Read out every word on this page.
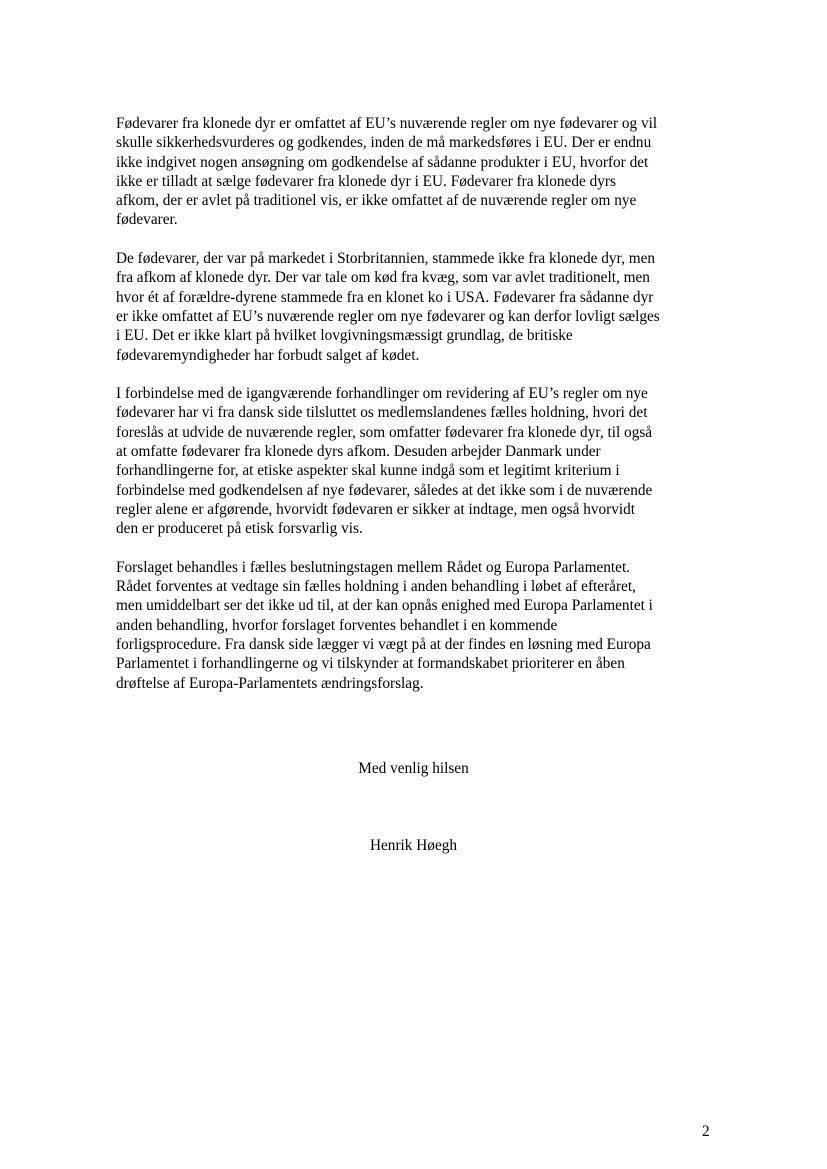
Fødevarer fra klonede dyr er omfattet af EU’s nuværende regler om nye fødevarer og vil
skulle sikkerhedsvurderes og godkendes, inden de må markedsføres i EU. Der er endnu
ikke indgivet nogen ansøgning om godkendelse af sådanne produkter i EU, hvorfor det
ikke er tilladt at sælge fødevarer fra klonede dyr i EU. Fødevarer fra klonede dyrs
afkom, der er avlet på traditionel vis, er ikke omfattet af de nuværende regler om nye
fødevarer.
De fødevarer, der var på markedet i Storbritannien, stammede ikke fra klonede dyr, men
fra afkom af klonede dyr. Der var tale om kød fra kvæg, som var avlet traditionelt, men
hvor ét af forældre-dyrene stammede fra en klonet ko i USA. Fødevarer fra sådanne dyr
er ikke omfattet af EU’s nuværende regler om nye fødevarer og kan derfor lovligt sælges
i EU. Det er ikke klart på hvilket lovgivningsmæssigt grundlag, de britiske
fødevaremyndigheder har forbudt salget af kødet.
I forbindelse med de igangværende forhandlinger om revidering af EU’s regler om nye
fødevarer har vi fra dansk side tilsluttet os medlemslandenes fælles holdning, hvori det
foreslås at udvide de nuværende regler, som omfatter fødevarer fra klonede dyr, til også
at omfatte fødevarer fra klonede dyrs afkom. Desuden arbejder Danmark under
forhandlingerne for, at etiske aspekter skal kunne indgå som et legitimt kriterium i
forbindelse med godkendelsen af nye fødevarer, således at det ikke som i de nuværende
regler alene er afgørende, hvorvidt fødevaren er sikker at indtage, men også hvorvidt
den er produceret på etisk forsvarlig vis.
Forslaget behandles i fælles beslutningstagen mellem Rådet og Europa Parlamentet.
Rådet forventes at vedtage sin fælles holdning i anden behandling i løbet af efteråret,
men umiddelbart ser det ikke ud til, at der kan opnås enighed med Europa Parlamentet i
anden behandling, hvorfor forslaget forventes behandlet i en kommende
forligsprocedure. Fra dansk side lægger vi vægt på at der findes en løsning med Europa
Parlamentet i forhandlingerne og vi tilskynder at formandskabet prioriterer en åben
drøftelse af Europa-Parlamentets ændringsforslag.
Med venlig hilsen
Henrik Høegh
2
